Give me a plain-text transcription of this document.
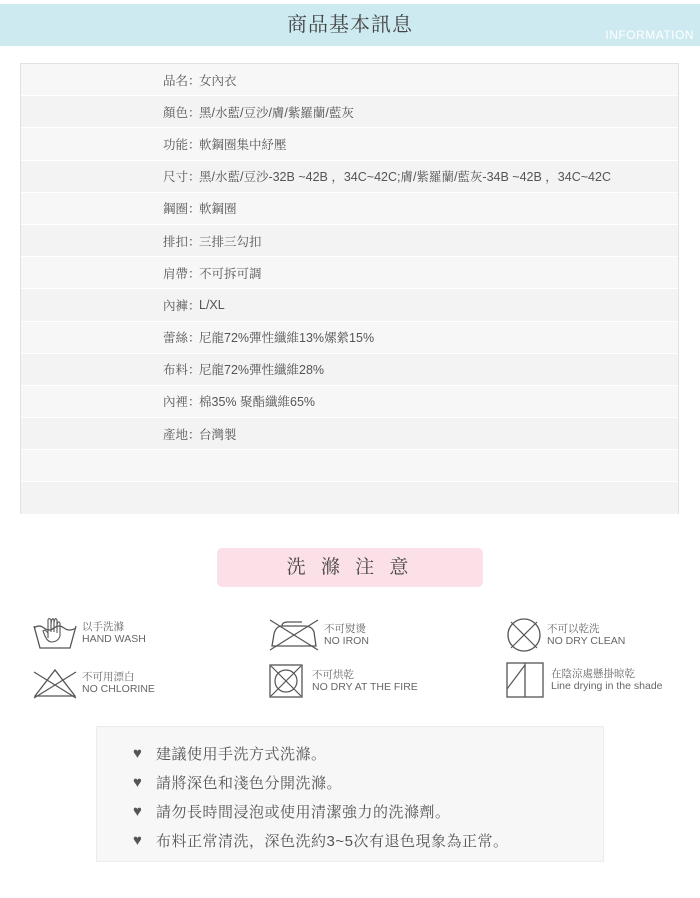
商品基本訊息	INFORMATION
品名 ：
女內衣
顏色 ：
黑/水藍/豆沙/膚/紫羅蘭/藍灰
功能 ：
軟鋼圈集中紓壓
尺寸 ：
黑/水藍/豆沙-32B ~42B ，34C~42C;膚/紫羅蘭/藍灰-34B ~42B ，34C~42C
鋼圈 ：
軟鋼圈
排扣 ：
三排三勾扣
肩帶 ：
不可拆可調
內褲 ：
L/XL
蕾絲 ：
尼龍72%彈性纖維13%嫘縈15%
布料 ：
尼龍72%彈性纖維28%
內裡 ：
棉35% 聚酯纖維65%
產地 ：
台灣製
洗 滌 注 意
以手洗滌
HAND WASH
不可熨燙
NO IRON
不可以乾洗
NO DRY CLEAN
不可用漂白
NO CHLORINE
不可烘乾
NO DRY AT THE FIRE
在陰涼處懸掛晾乾
Line drying in the shade
♥ 建議使用手洗方式洗滌。
♥ 請將深色和淺色分開洗滌。
♥ 請勿長時間浸泡或使用清潔強力的洗滌劑。
♥ 布料正常清洗，深色洗約3~5次有退色現象為正常。
